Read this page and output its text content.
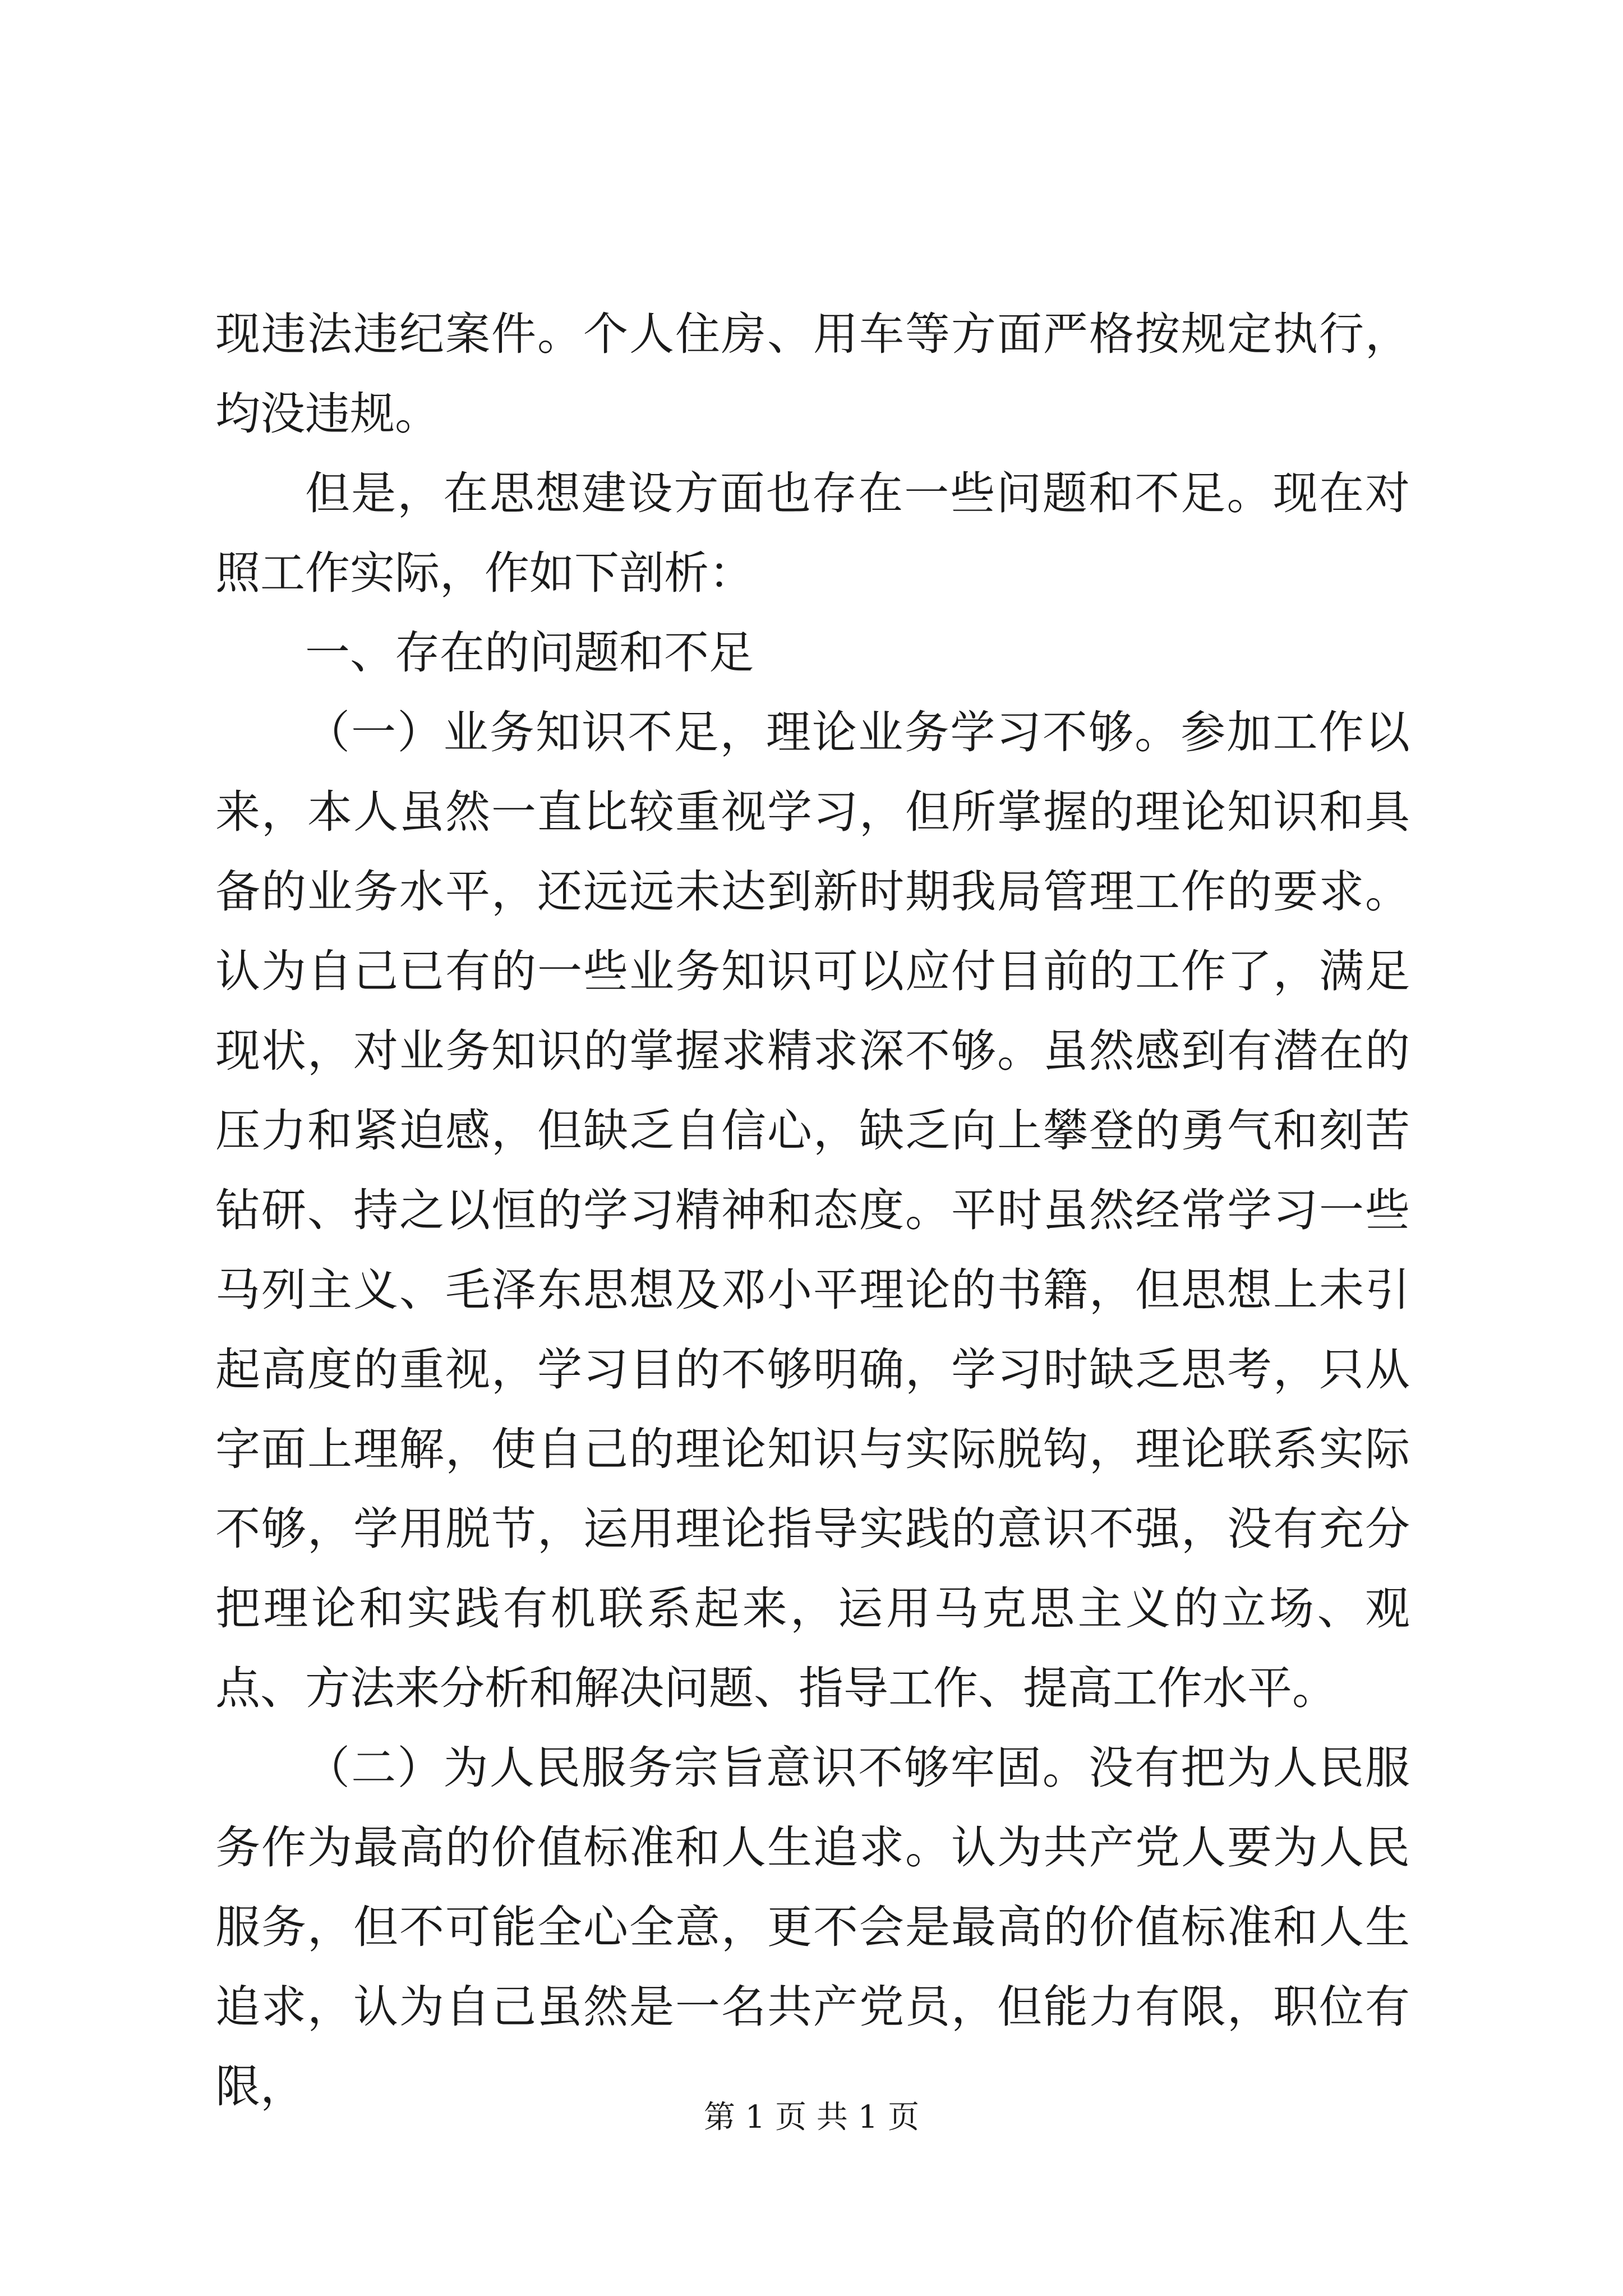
现违法违纪案件。个人住房、用车等方面严格按规定执行，均没违规。

但是，在思想建设方面也存在一些问题和不足。现在对照工作实际，作如下剖析：

一、存在的问题和不足

（一）业务知识不足，理论业务学习不够。参加工作以来，本人虽然一直比较重视学习，但所掌握的理论知识和具备的业务水平，还远远未达到新时期我局管理工作的要求。认为自己已有的一些业务知识可以应付目前的工作了，满足现状，对业务知识的掌握求精求深不够。虽然感到有潜在的压力和紧迫感，但缺乏自信心，缺乏向上攀登的勇气和刻苦钻研、持之以恒的学习精神和态度。平时虽然经常学习一些马列主义、毛泽东思想及邓小平理论的书籍，但思想上未引起高度的重视，学习目的不够明确，学习时缺乏思考，只从字面上理解，使自己的理论知识与实际脱钩，理论联系实际不够，学用脱节，运用理论指导实践的意识不强，没有充分把理论和实践有机联系起来，运用马克思主义的立场、观点、方法来分析和解决问题、指导工作、提高工作水平。

（二）为人民服务宗旨意识不够牢固。没有把为人民服务作为最高的价值标准和人生追求。认为共产党人要为人民服务，但不可能全心全意，更不会是最高的价值标准和人生追求，认为自己虽然是一名共产党员，但能力有限，职位有限，

第 1 页 共 1 页
